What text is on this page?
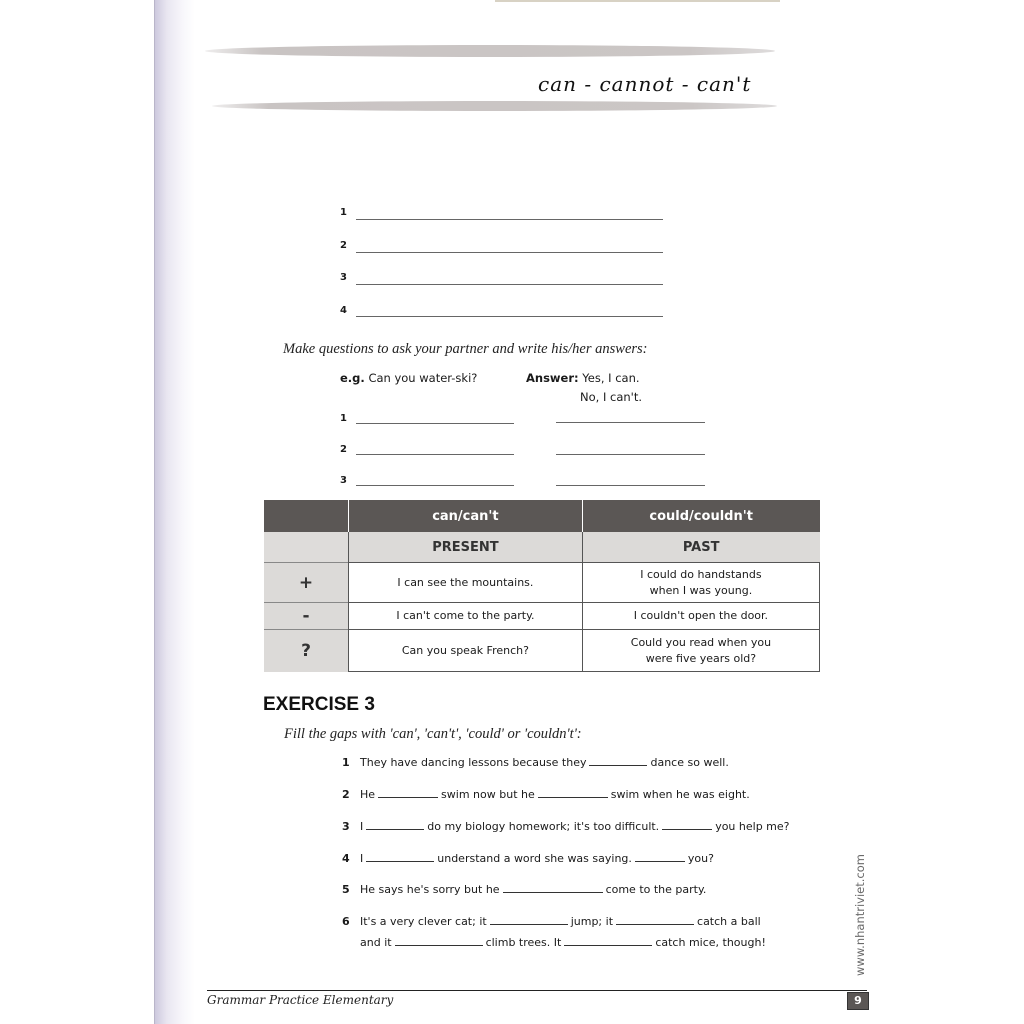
can - cannot - can't
1
2
3
4
Make questions to ask your partner and write his/her answers:
e.g. Can you water-ski?	Answer: Yes, I can.
No, I can't.
1
2
3
	can/can't	could/couldn't
	PRESENT	PAST
+	I can see the mountains.	I could do handstands
when I was young.
-	I can't come to the party.	I couldn't open the door.
?	Can you speak French?	Could you read when you
were five years old?
EXERCISE 3
Fill the gaps with 'can', 'can't', 'could' or 'couldn't':
1 They have dancing lessons because they	dance so well.
2 He	swim now but he	swim when he was eight.
3 I	do my biology homework; it's too difficult.	you help me?
4 I	understand a word she was saying.	you?
5 He says he's sorry but he	come to the party.
6 It's a very clever cat; it	jump; it	catch a ball
and it	climb trees. It	catch mice, though!	www.nhantriviet.com
Grammar Practice Elementary	9
